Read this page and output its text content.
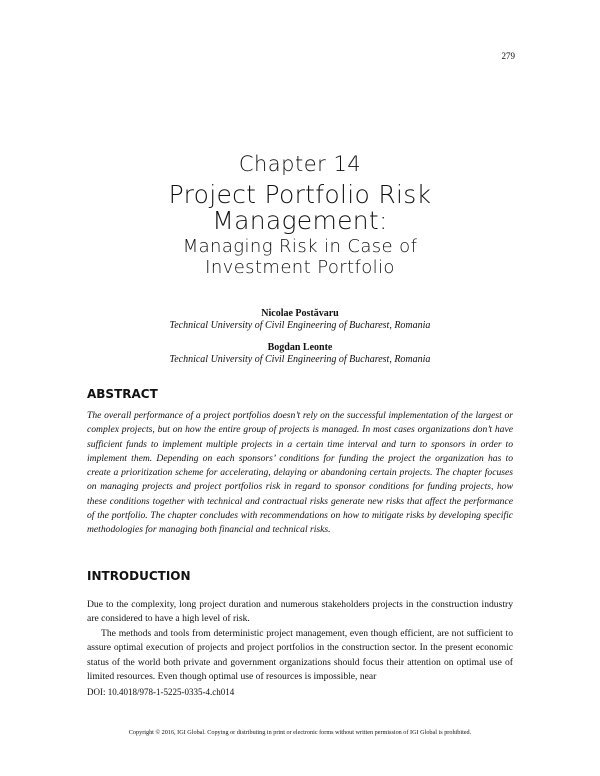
279
Chapter 14
Project Portfolio Risk
Management:
Managing Risk in Case of
Investment Portfolio
Nicolae Postăvaru
Technical University of Civil Engineering of Bucharest, Romania
Bogdan Leonte
Technical University of Civil Engineering of Bucharest, Romania
ABSTRACT

The overall performance of a project portfolios doesn’t rely on the successful implementation of the largest or complex projects, but on how the entire group of projects is managed. In most cases organizations don’t have sufficient funds to implement multiple projects in a certain time interval and turn to sponsors in order to implement them. Depending on each sponsors’ conditions for funding the project the organization has to create a prioritization scheme for accelerating, delaying or abandoning certain projects. The chapter focuses on managing projects and project portfolios risk in regard to sponsor conditions for funding projects, how these conditions together with technical and contractual risks generate new risks that affect the performance of the portfolio. The chapter concludes with recommendations on how to mitigate risks by developing specific methodologies for managing both financial and technical risks.

INTRODUCTION

Due to the complexity, long project duration and numerous stakeholders projects in the construction industry are considered to have a high level of risk.

The methods and tools from deterministic project management, even though efficient, are not sufficient to assure optimal execution of projects and project portfolios in the construction sector. In the present economic status of the world both private and government organizations should focus their attention on optimal use of limited resources. Even though optimal use of resources is impossible, near

DOI: 10.4018/978-1-5225-0335-4.ch014
Copyright © 2016, IGI Global. Copying or distributing in print or electronic forms without written permission of IGI Global is prohibited.
